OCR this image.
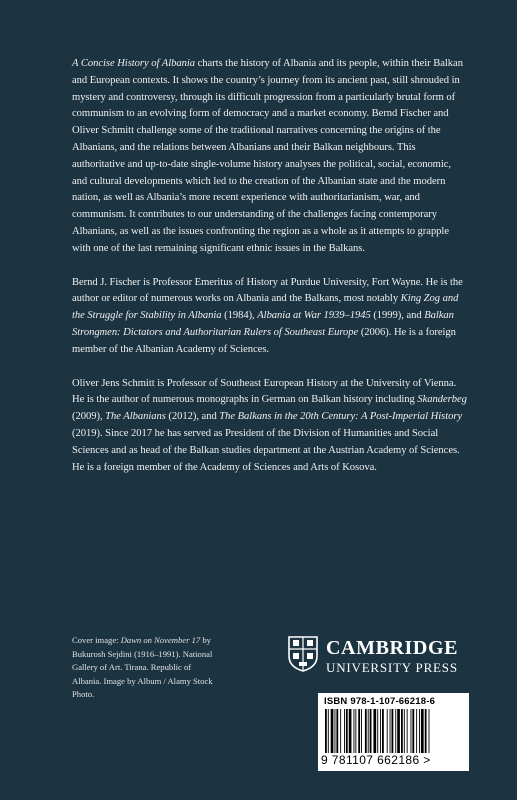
A Concise History of Albania charts the history of Albania and its people, within their Balkan and European contexts. It shows the country’s journey from its ancient past, still shrouded in mystery and controversy, through its difficult progression from a particularly brutal form of communism to an evolving form of democracy and a market economy. Bernd Fischer and Oliver Schmitt challenge some of the traditional narratives concerning the origins of the Albanians, and the relations between Albanians and their Balkan neighbours. This authoritative and up-to-date single-volume history analyses the political, social, economic, and cultural developments which led to the creation of the Albanian state and the modern nation, as well as Albania’s more recent experience with authoritarianism, war, and communism. It contributes to our understanding of the challenges facing contemporary Albanians, as well as the issues confronting the region as a whole as it attempts to grapple with one of the last remaining significant ethnic issues in the Balkans.

Bernd J. Fischer is Professor Emeritus of History at Purdue University, Fort Wayne. He is the author or editor of numerous works on Albania and the Balkans, most notably King Zog and the Struggle for Stability in Albania (1984), Albania at War 1939–1945 (1999), and Balkan Strongmen: Dictators and Authoritarian Rulers of Southeast Europe (2006). He is a foreign member of the Albanian Academy of Sciences.

Oliver Jens Schmitt is Professor of Southeast European History at the University of Vienna. He is the author of numerous monographs in German on Balkan history including Skanderbeg (2009), The Albanians (2012), and The Balkans in the 20th Century: A Post-Imperial History (2019). Since 2017 he has served as President of the Division of Humanities and Social Sciences and as head of the Balkan studies department at the Austrian Academy of Sciences. He is a foreign member of the Academy of Sciences and Arts of Kosova.

Cover image: Dawn on November 17 by Bukurosh Sejdini (1916–1991). National Gallery of Art. Tirana. Republic of Albania. Image by Album / Alamy Stock Photo.

CAMBRIDGE
UNIVERSITY PRESS
ISBN 978-1-107-66218-6
9 781107 662186 >
